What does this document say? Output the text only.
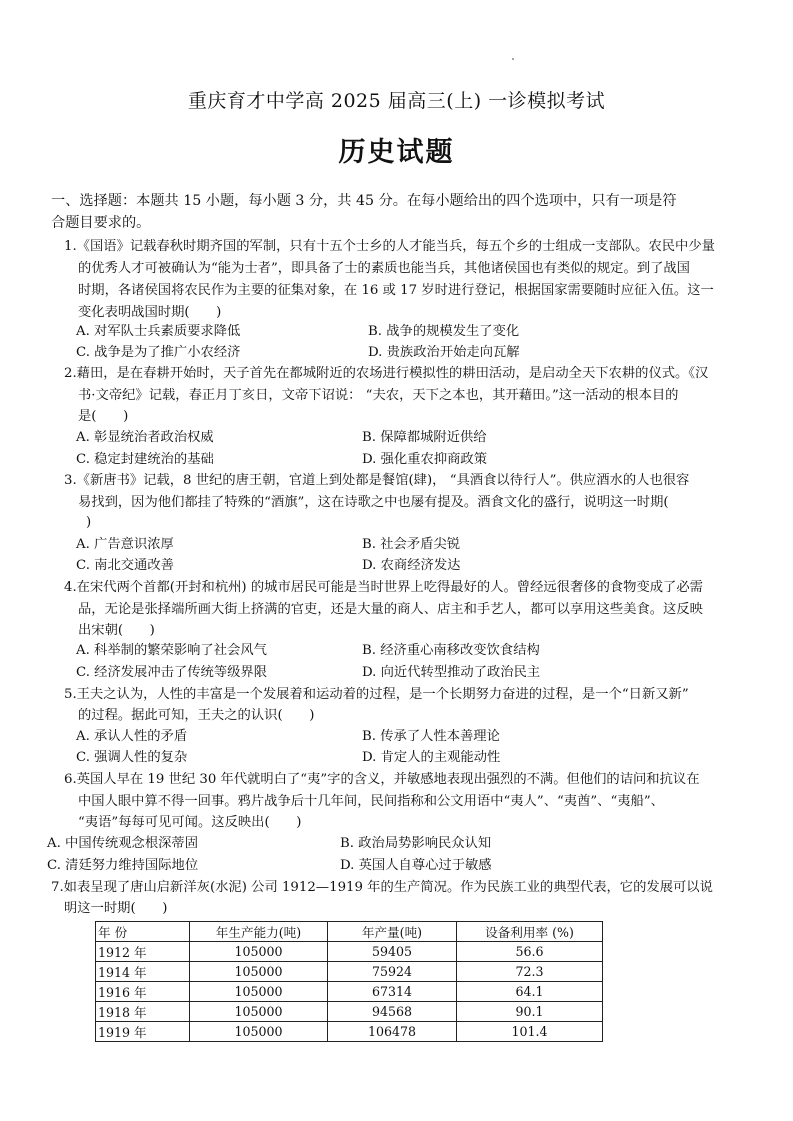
重庆育才中学高 2025 届高三(上) 一诊模拟考试
历史试题
一、选择题：本题共 15 小题，每小题 3 分，共 45 分。在每小题给出的四个选项中，只有一项是符
合题目要求的。
1.《国语》记载春秋时期齐国的军制，只有十五个士乡的人才能当兵，每五个乡的士组成一支部队。农民中少量
的优秀人才可被确认为“能为士者”，即具备了士的素质也能当兵，其他诸侯国也有类似的规定。到了战国
时期，各诸侯国将农民作为主要的征集对象，在 16 或 17 岁时进行登记，根据国家需要随时应征入伍。这一
变化表明战国时期(　　)
A. 对军队士兵素质要求降低	B. 战争的规模发生了变化
C. 战争是为了推广小农经济	D. 贵族政治开始走向瓦解
2.藉田，是在春耕开始时，天子首先在都城附近的农场进行模拟性的耕田活动，是启动全天下农耕的仪式。《汉
书·文帝纪》记载，春正月丁亥日，文帝下诏说： “夫农，天下之本也，其开藉田。”这一活动的根本目的
是(　　)
A. 彰显统治者政治权威	B. 保障都城附近供给
C. 稳定封建统治的基础	D. 强化重农抑商政策
3.《新唐书》记载，8 世纪的唐王朝，官道上到处都是餐馆(肆)， “具酒食以待行人”。供应酒水的人也很容
易找到，因为他们都挂了特殊的“酒旗”，这在诗歌之中也屡有提及。酒食文化的盛行，说明这一时期(
)
A. 广告意识浓厚	B. 社会矛盾尖锐
C. 南北交通改善	D. 农商经济发达
4.在宋代两个首都(开封和杭州) 的城市居民可能是当时世界上吃得最好的人。曾经远很奢侈的食物变成了必需
品，无论是张择端所画大街上挤满的官吏，还是大量的商人、店主和手艺人，都可以享用这些美食。这反映
出宋朝(　　)
A. 科举制的繁荣影响了社会风气	B. 经济重心南移改变饮食结构
C. 经济发展冲击了传统等级界限	D. 向近代转型推动了政治民主
5.王夫之认为，人性的丰富是一个发展着和运动着的过程，是一个长期努力奋进的过程，是一个“日新又新”
的过程。据此可知，王夫之的认识(　　)
A. 承认人性的矛盾	B. 传承了人性本善理论
C. 强调人性的复杂	D. 肯定人的主观能动性
6.英国人早在 19 世纪 30 年代就明白了“夷”字的含义，并敏感地表现出强烈的不满。但他们的诘问和抗议在
中国人眼中算不得一回事。鸦片战争后十几年间，民间指称和公文用语中“夷人”、“夷酋”、“夷船”、
“夷语”每每可见可闻。这反映出(　　)
A. 中国传统观念根深蒂固	B. 政治局势影响民众认知
C. 清廷努力维持国际地位	D. 英国人自尊心过于敏感
7.如表呈现了唐山启新洋灰(水泥) 公司 1912—1919 年的生产简况。作为民族工业的典型代表，它的发展可以说
明这一时期(　　)
年 份	年生产能力(吨)	年产量(吨)	设备利用率 (%)
1912 年	105000	59405	56.6
1914 年	105000	75924	72.3
1916 年	105000	67314	64.1
1918 年	105000	94568	90.1
1919 年	105000	106478	101.4
